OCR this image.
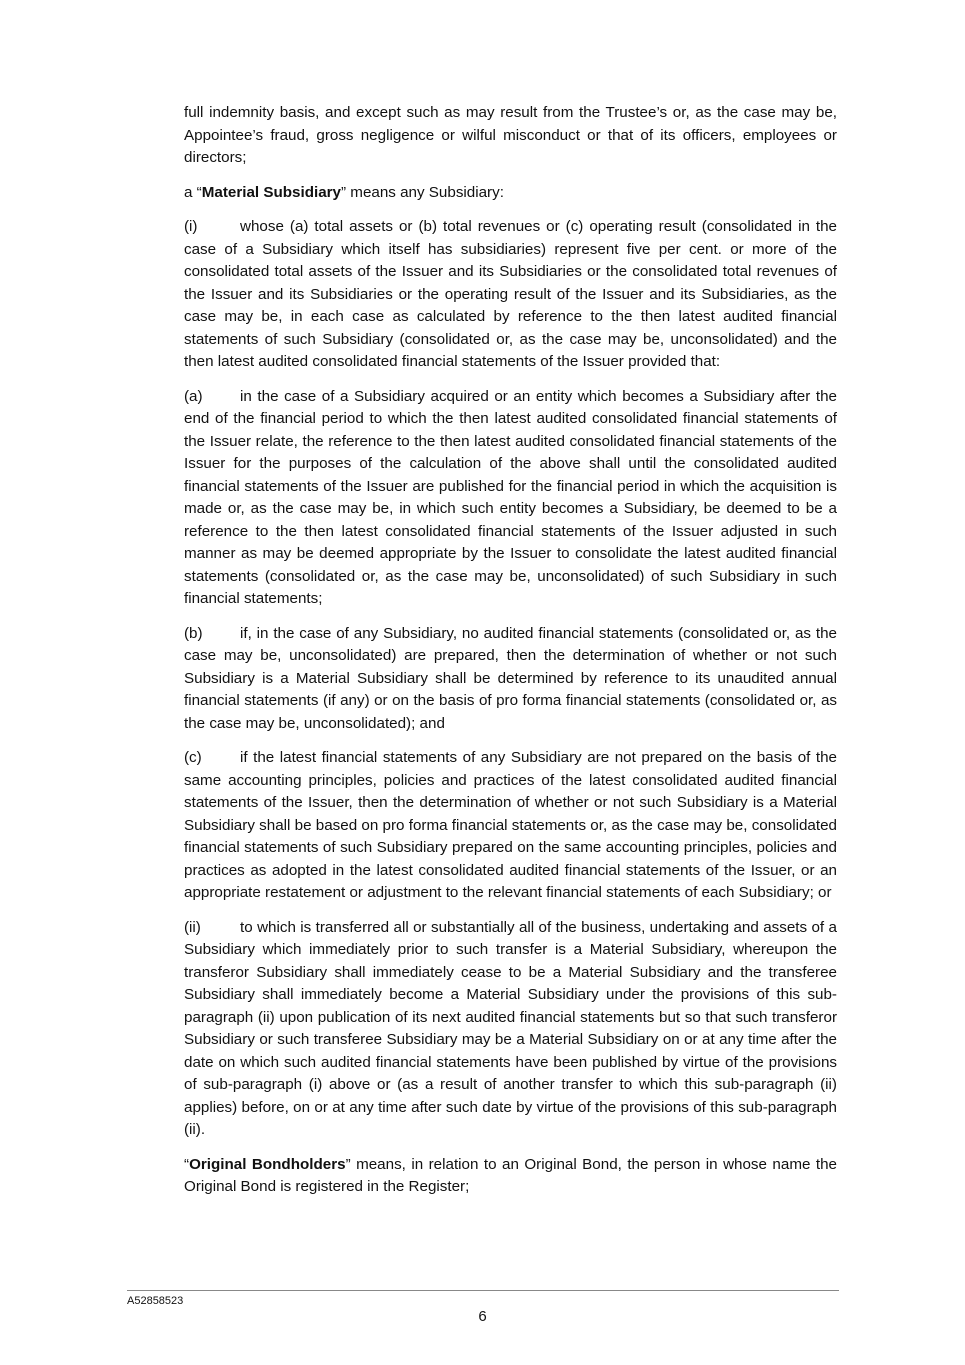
full indemnity basis, and except such as may result from the Trustee’s or, as the case may be, Appointee’s fraud, gross negligence or wilful misconduct or that of its officers, employees or directors;

a “Material Subsidiary” means any Subsidiary:

(i)	whose (a) total assets or (b) total revenues or (c) operating result (consolidated in the case of a Subsidiary which itself has subsidiaries) represent five per cent. or more of the consolidated total assets of the Issuer and its Subsidiaries or the consolidated total revenues of the Issuer and its Subsidiaries or the operating result of the Issuer and its Subsidiaries, as the case may be, in each case as calculated by reference to the then latest audited financial statements of such Subsidiary (consolidated or, as the case may be, unconsolidated) and the then latest audited consolidated financial statements of the Issuer provided that:

(a) in the case of a Subsidiary acquired or an entity which becomes a Subsidiary after the end of the financial period to which the then latest audited consolidated financial statements of the Issuer relate, the reference to the then latest audited consolidated financial statements of the Issuer for the purposes of the calculation of the above shall until the consolidated audited financial statements of the Issuer are published for the financial period in which the acquisition is made or, as the case may be, in which such entity becomes a Subsidiary, be deemed to be a reference to the then latest consolidated financial statements of the Issuer adjusted in such manner as may be deemed appropriate by the Issuer to consolidate the latest audited financial statements (consolidated or, as the case may be, unconsolidated) of such Subsidiary in such financial statements;

(b) if, in the case of any Subsidiary, no audited financial statements (consolidated or, as the case may be, unconsolidated) are prepared, then the determination of whether or not such Subsidiary is a Material Subsidiary shall be determined by reference to its unaudited annual financial statements (if any) or on the basis of pro forma financial statements (consolidated or, as the case may be, unconsolidated); and

(c)	if the latest financial statements of any Subsidiary are not prepared on the basis of the same accounting principles, policies and practices of the latest consolidated audited financial statements of the Issuer, then the determination of whether or not such Subsidiary is a Material Subsidiary shall be based on pro forma financial statements or, as the case may be, consolidated financial statements of such Subsidiary prepared on the same accounting principles, policies and practices as adopted in the latest consolidated audited financial statements of the Issuer, or an appropriate restatement or adjustment to the relevant financial statements of each Subsidiary; or

(ii)	to which is transferred all or substantially all of the business, undertaking and assets of a Subsidiary which immediately prior to such transfer is a Material Subsidiary, whereupon the transferor Subsidiary shall immediately cease to be a Material Subsidiary and the transferee Subsidiary shall immediately become a Material Subsidiary under the provisions of this sub-paragraph (ii) upon publication of its next audited financial statements but so that such transferor Subsidiary or such transferee Subsidiary may be a Material Subsidiary on or at any time after the date on which such audited financial statements have been published by virtue of the provisions of sub-paragraph (i) above or (as a result of another transfer to which this sub-paragraph (ii) applies) before, on or at any time after such date by virtue of the provisions of this sub-paragraph (ii).

“Original Bondholders” means, in relation to an Original Bond, the person in whose name the Original Bond is registered in the Register;

A52858523
6
